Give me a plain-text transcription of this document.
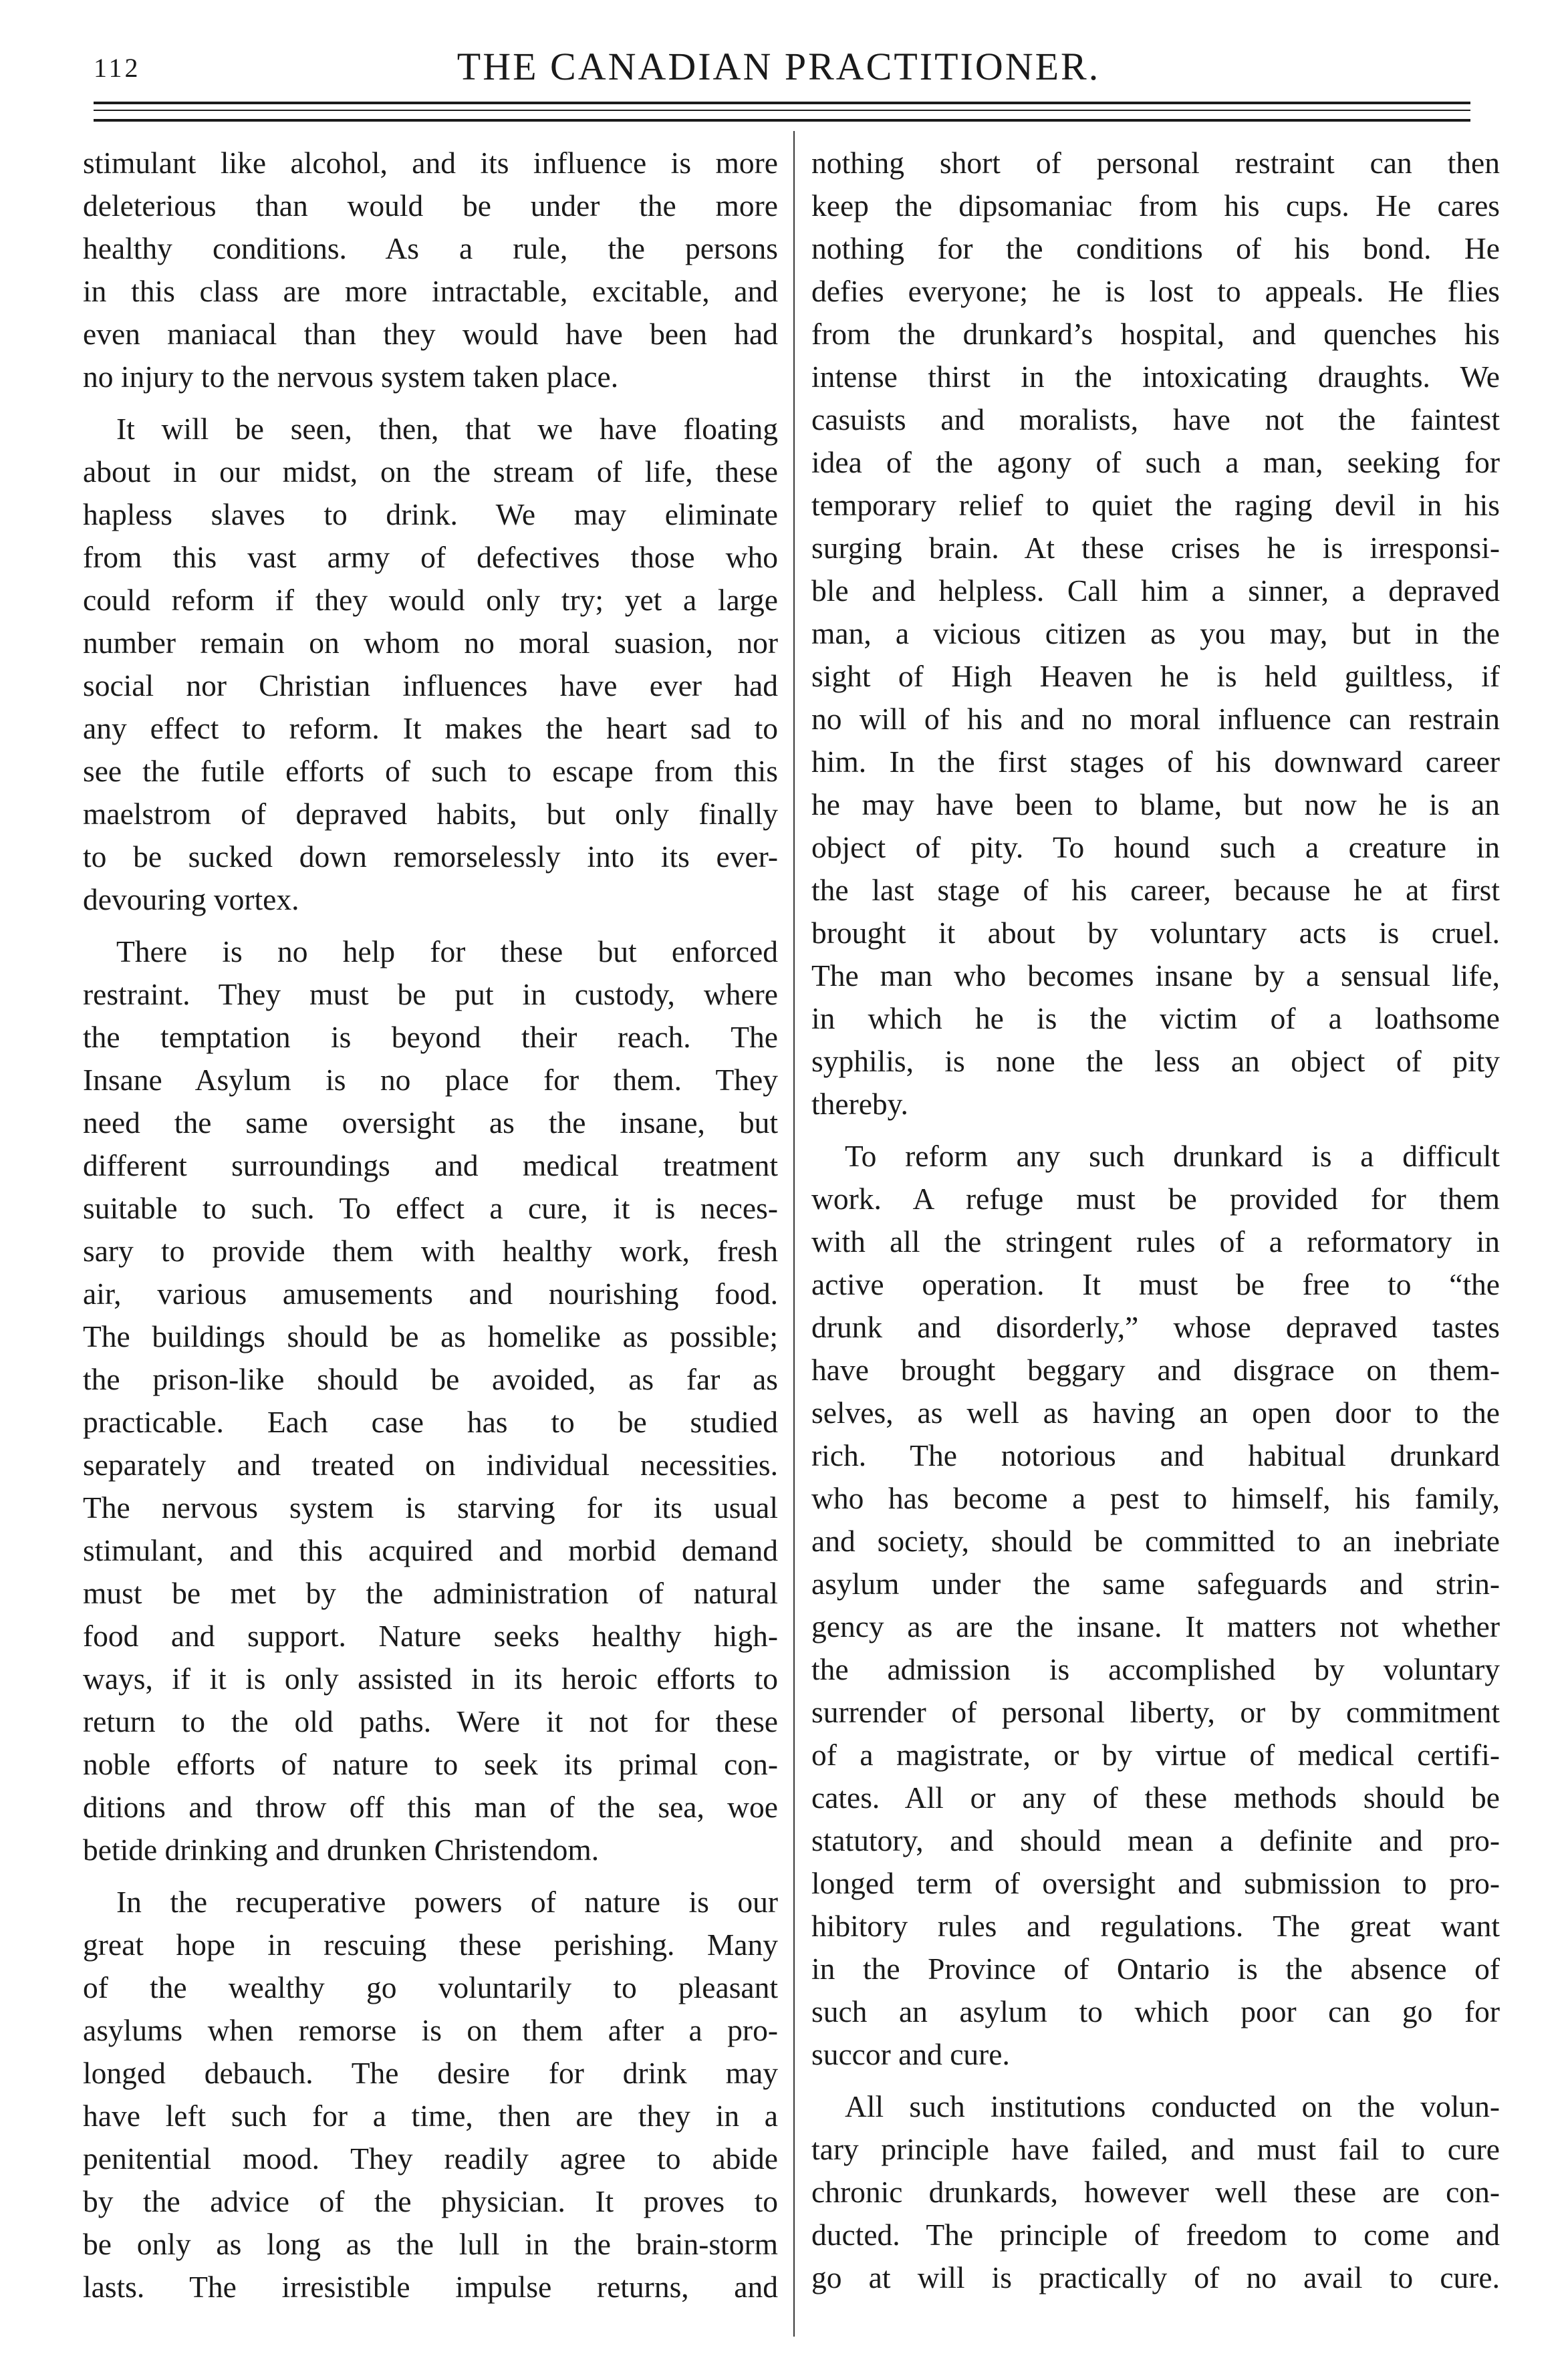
112	THE CANADIAN PRACTITIONER.
stimulant like alcohol, and its influence is more
deleterious than would be under the more
healthy conditions. As a rule, the persons
in this class are more intractable, excitable, and
even maniacal than they would have been had
no injury to the nervous system taken place.
It will be seen, then, that we have floating
about in our midst, on the stream of life, these
hapless slaves to drink. We may eliminate
from this vast army of defectives those who
could reform if they would only try; yet a large
number remain on whom no moral suasion, nor
social nor Christian influences have ever had
any effect to reform. It makes the heart sad to
see the futile efforts of such to escape from this
maelstrom of depraved habits, but only finally
to be sucked down remorselessly into its ever-
devouring vortex.
There is no help for these but enforced
restraint. They must be put in custody, where
the temptation is beyond their reach. The
Insane Asylum is no place for them. They
need the same oversight as the insane, but
different surroundings and medical treatment
suitable to such. To effect a cure, it is neces-
sary to provide them with healthy work, fresh
air, various amusements and nourishing food.
The buildings should be as homelike as possible;
the prison-like should be avoided, as far as
practicable. Each case has to be studied
separately and treated on individual necessities.
The nervous system is starving for its usual
stimulant, and this acquired and morbid demand
must be met by the administration of natural
food and support. Nature seeks healthy high-
ways, if it is only assisted in its heroic efforts to
return to the old paths. Were it not for these
noble efforts of nature to seek its primal con-
ditions and throw off this man of the sea, woe
betide drinking and drunken Christendom.
In the recuperative powers of nature is our
great hope in rescuing these perishing. Many
of the wealthy go voluntarily to pleasant
asylums when remorse is on them after a pro-
longed debauch. The desire for drink may
have left such for a time, then are they in a
penitential mood. They readily agree to abide
by the advice of the physician. It proves to
be only as long as the lull in the brain-storm
lasts. The irresistible impulse returns, and
nothing short of personal restraint can then
keep the dipsomaniac from his cups. He cares
nothing for the conditions of his bond. He
defies everyone; he is lost to appeals. He flies
from the drunkard’s hospital, and quenches his
intense thirst in the intoxicating draughts. We
casuists and moralists, have not the faintest
idea of the agony of such a man, seeking for
temporary relief to quiet the raging devil in his
surging brain. At these crises he is irresponsi-
ble and helpless. Call him a sinner, a depraved
man, a vicious citizen as you may, but in the
sight of High Heaven he is held guiltless, if
no will of his and no moral influence can restrain
him. In the first stages of his downward career
he may have been to blame, but now he is an
object of pity. To hound such a creature in
the last stage of his career, because he at first
brought it about by voluntary acts is cruel.
The man who becomes insane by a sensual life,
in which he is the victim of a loathsome
syphilis, is none the less an object of pity
thereby.
To reform any such drunkard is a difficult
work. A refuge must be provided for them
with all the stringent rules of a reformatory in
active operation. It must be free to “the
drunk and disorderly,” whose depraved tastes
have brought beggary and disgrace on them-
selves, as well as having an open door to the
rich. The notorious and habitual drunkard
who has become a pest to himself, his family,
and society, should be committed to an inebriate
asylum under the same safeguards and strin-
gency as are the insane. It matters not whether
the admission is accomplished by voluntary
surrender of personal liberty, or by commitment
of a magistrate, or by virtue of medical certifi-
cates. All or any of these methods should be
statutory, and should mean a definite and pro-
longed term of oversight and submission to pro-
hibitory rules and regulations. The great want
in the Province of Ontario is the absence of
such an asylum to which poor can go for
succor and cure.
All such institutions conducted on the volun-
tary principle have failed, and must fail to cure
chronic drunkards, however well these are con-
ducted. The principle of freedom to come and
go at will is practically of no avail to cure.
